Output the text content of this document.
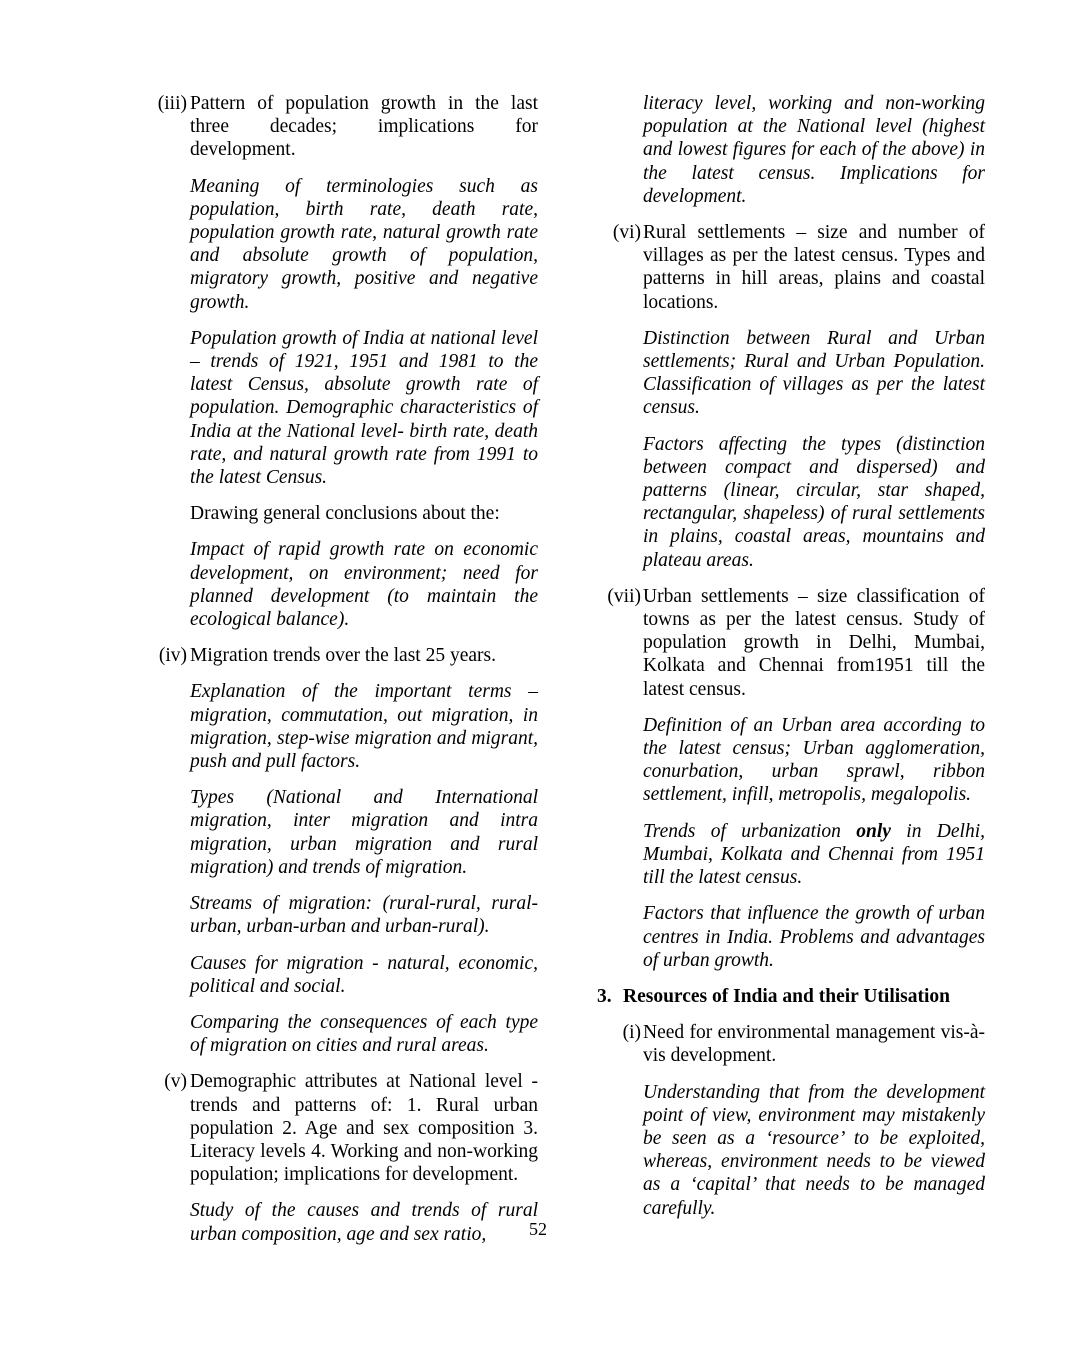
(iii) Pattern of population growth in the last three decades; implications for development.
Meaning of terminologies such as population, birth rate, death rate, population growth rate, natural growth rate and absolute growth of population, migratory growth, positive and negative growth.
Population growth of India at national level – trends of 1921, 1951 and 1981 to the latest Census, absolute growth rate of population. Demographic characteristics of India at the National level- birth rate, death rate, and natural growth rate from 1991 to the latest Census.
Drawing general conclusions about the:
Impact of rapid growth rate on economic development, on environment; need for planned development (to maintain the ecological balance).
(iv) Migration trends over the last 25 years.
Explanation of the important terms – migration, commutation, out migration, in migration, step-wise migration and migrant, push and pull factors.
Types (National and International migration, inter migration and intra migration, urban migration and rural migration) and trends of migration.
Streams of migration: (rural-rural, rural-urban, urban-urban and urban-rural).
Causes for migration - natural, economic, political and social.
Comparing the consequences of each type of migration on cities and rural areas.
(v) Demographic attributes at National level - trends and patterns of: 1. Rural urban population 2. Age and sex composition 3. Literacy levels 4. Working and non-working population; implications for development.
Study of the causes and trends of rural urban composition, age and sex ratio,
literacy level, working and non-working population at the National level (highest and lowest figures for each of the above) in the latest census. Implications for development.
(vi) Rural settlements – size and number of villages as per the latest census. Types and patterns in hill areas, plains and coastal locations.
Distinction between Rural and Urban settlements; Rural and Urban Population. Classification of villages as per the latest census.
Factors affecting the types (distinction between compact and dispersed) and patterns (linear, circular, star shaped, rectangular, shapeless) of rural settlements in plains, coastal areas, mountains and plateau areas.
(vii) Urban settlements – size classification of towns as per the latest census. Study of population growth in Delhi, Mumbai, Kolkata and Chennai from1951 till the latest census.
Definition of an Urban area according to the latest census; Urban agglomeration, conurbation, urban sprawl, ribbon settlement, infill, metropolis, megalopolis.
Trends of urbanization only in Delhi, Mumbai, Kolkata and Chennai from 1951 till the latest census.
Factors that influence the growth of urban centres in India. Problems and advantages of urban growth.
3. Resources of India and their Utilisation
(i) Need for environmental management vis-à-vis development.
Understanding that from the development point of view, environment may mistakenly be seen as a ‘resource’ to be exploited, whereas, environment needs to be viewed as a ‘capital’ that needs to be managed carefully.
52
